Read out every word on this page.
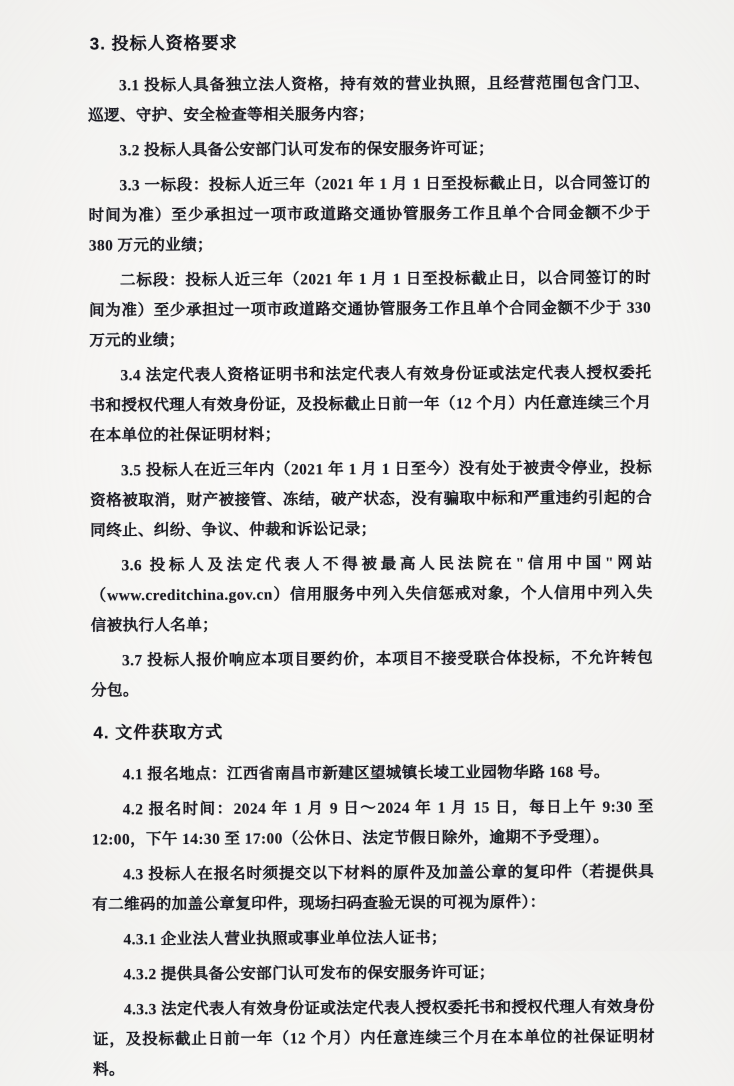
3. 投标人资格要求

3.1 投标人具备独立法人资格，持有效的营业执照，且经营范围包含门卫、巡逻、守护、安全检查等相关服务内容；

3.2 投标人具备公安部门认可发布的保安服务许可证；

3.3 一标段：投标人近三年（2021 年 1 月 1 日至投标截止日，以合同签订的时间为准）至少承担过一项市政道路交通协管服务工作且单个合同金额不少于 380 万元的业绩；

二标段：投标人近三年（2021 年 1 月 1 日至投标截止日，以合同签订的时间为准）至少承担过一项市政道路交通协管服务工作且单个合同金额不少于 330 万元的业绩；

3.4 法定代表人资格证明书和法定代表人有效身份证或法定代表人授权委托书和授权代理人有效身份证，及投标截止日前一年（12 个月）内任意连续三个月在本单位的社保证明材料；

3.5 投标人在近三年内（2021 年 1 月 1 日至今）没有处于被责令停业，投标资格被取消，财产被接管、冻结，破产状态，没有骗取中标和严重违约引起的合同终止、纠纷、争议、仲裁和诉讼记录；

3.6 投标人及法定代表人不得被最高人民法院在"信用中国"网站（www.creditchina.gov.cn）信用服务中列入失信惩戒对象，个人信用中列入失信被执行人名单；

3.7 投标人报价响应本项目要约价，本项目不接受联合体投标，不允许转包分包。

4. 文件获取方式

4.1 报名地点：江西省南昌市新建区望城镇长堎工业园物华路 168 号。

4.2 报名时间：2024 年 1 月 9 日～2024 年 1 月 15 日，每日上午 9:30 至 12:00，下午 14:30 至 17:00（公休日、法定节假日除外，逾期不予受理）。

4.3 投标人在报名时须提交以下材料的原件及加盖公章的复印件（若提供具有二维码的加盖公章复印件，现场扫码查验无误的可视为原件）：

4.3.1 企业法人营业执照或事业单位法人证书；

4.3.2 提供具备公安部门认可发布的保安服务许可证；

4.3.3 法定代表人有效身份证或法定代表人授权委托书和授权代理人有效身份证，及投标截止日前一年（12 个月）内任意连续三个月在本单位的社保证明材料。
